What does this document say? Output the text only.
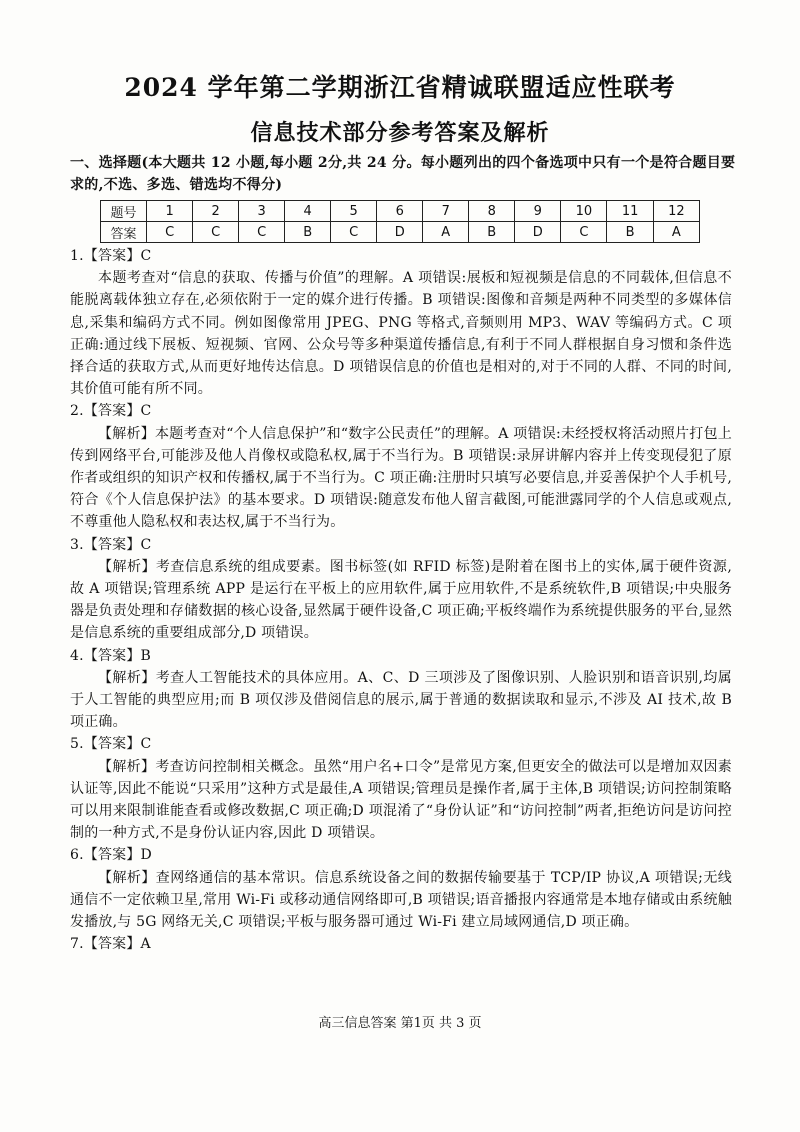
2024 学年第二学期浙江省精诚联盟适应性联考
信息技术部分参考答案及解析
一、选择题(本大题共 12 小题,每小题 2分,共 24 分。每小题列出的四个备选项中只有一个是符合题目要求的,不选、多选、错选均不得分)
题号	1	2	3	4	5	6	7	8	9	10	11	12
答案	C	C	C	B	C	D	A	B	D	C	B	A

1.【答案】C

本题考查对“信息的获取、传播与价值”的理解。A 项错误:展板和短视频是信息的不同载体,但信息不能脱离载体独立存在,必须依附于一定的媒介进行传播。B 项错误:图像和音频是两种不同类型的多媒体信息,采集和编码方式不同。例如图像常用 JPEG、PNG 等格式,音频则用 MP3、WAV 等编码方式。C 项正确:通过线下展板、短视频、官网、公众号等多种渠道传播信息,有利于不同人群根据自身习惯和条件选择合适的获取方式,从而更好地传达信息。D 项错误信息的价值也是相对的,对于不同的人群、不同的时间,其价值可能有所不同。

2.【答案】C

【解析】本题考查对“个人信息保护”和“数字公民责任”的理解。A 项错误:未经授权将活动照片打包上传到网络平台,可能涉及他人肖像权或隐私权,属于不当行为。B 项错误:录屏讲解内容并上传变现侵犯了原作者或组织的知识产权和传播权,属于不当行为。C 项正确:注册时只填写必要信息,并妥善保护个人手机号,符合《个人信息保护法》的基本要求。D 项错误:随意发布他人留言截图,可能泄露同学的个人信息或观点,不尊重他人隐私权和表达权,属于不当行为。

3.【答案】C

【解析】考查信息系统的组成要素。图书标签(如 RFID 标签)是附着在图书上的实体,属于硬件资源,故 A 项错误;管理系统 APP 是运行在平板上的应用软件,属于应用软件,不是系统软件,B 项错误;中央服务器是负责处理和存储数据的核心设备,显然属于硬件设备,C 项正确;平板终端作为系统提供服务的平台,显然是信息系统的重要组成部分,D 项错误。

4.【答案】B

【解析】考查人工智能技术的具体应用。A、C、D 三项涉及了图像识别、人脸识别和语音识别,均属于人工智能的典型应用;而 B 项仅涉及借阅信息的展示,属于普通的数据读取和显示,不涉及 AI 技术,故 B 项正确。

5.【答案】C

【解析】考查访问控制相关概念。虽然“用户名+口令”是常见方案,但更安全的做法可以是增加双因素认证等,因此不能说“只采用”这种方式是最佳,A 项错误;管理员是操作者,属于主体,B 项错误;访问控制策略可以用来限制谁能查看或修改数据,C 项正确;D 项混淆了“身份认证”和“访问控制”两者,拒绝访问是访问控制的一种方式,不是身份认证内容,因此 D 项错误。

6.【答案】D

【解析】查网络通信的基本常识。信息系统设备之间的数据传输要基于 TCP/IP 协议,A 项错误;无线通信不一定依赖卫星,常用 Wi-Fi 或移动通信网络即可,B 项错误;语音播报内容通常是本地存储或由系统触发播放,与 5G 网络无关,C 项错误;平板与服务器可通过 Wi-Fi 建立局域网通信,D 项正确。

7.【答案】A

高三信息答案 第1页 共 3 页
